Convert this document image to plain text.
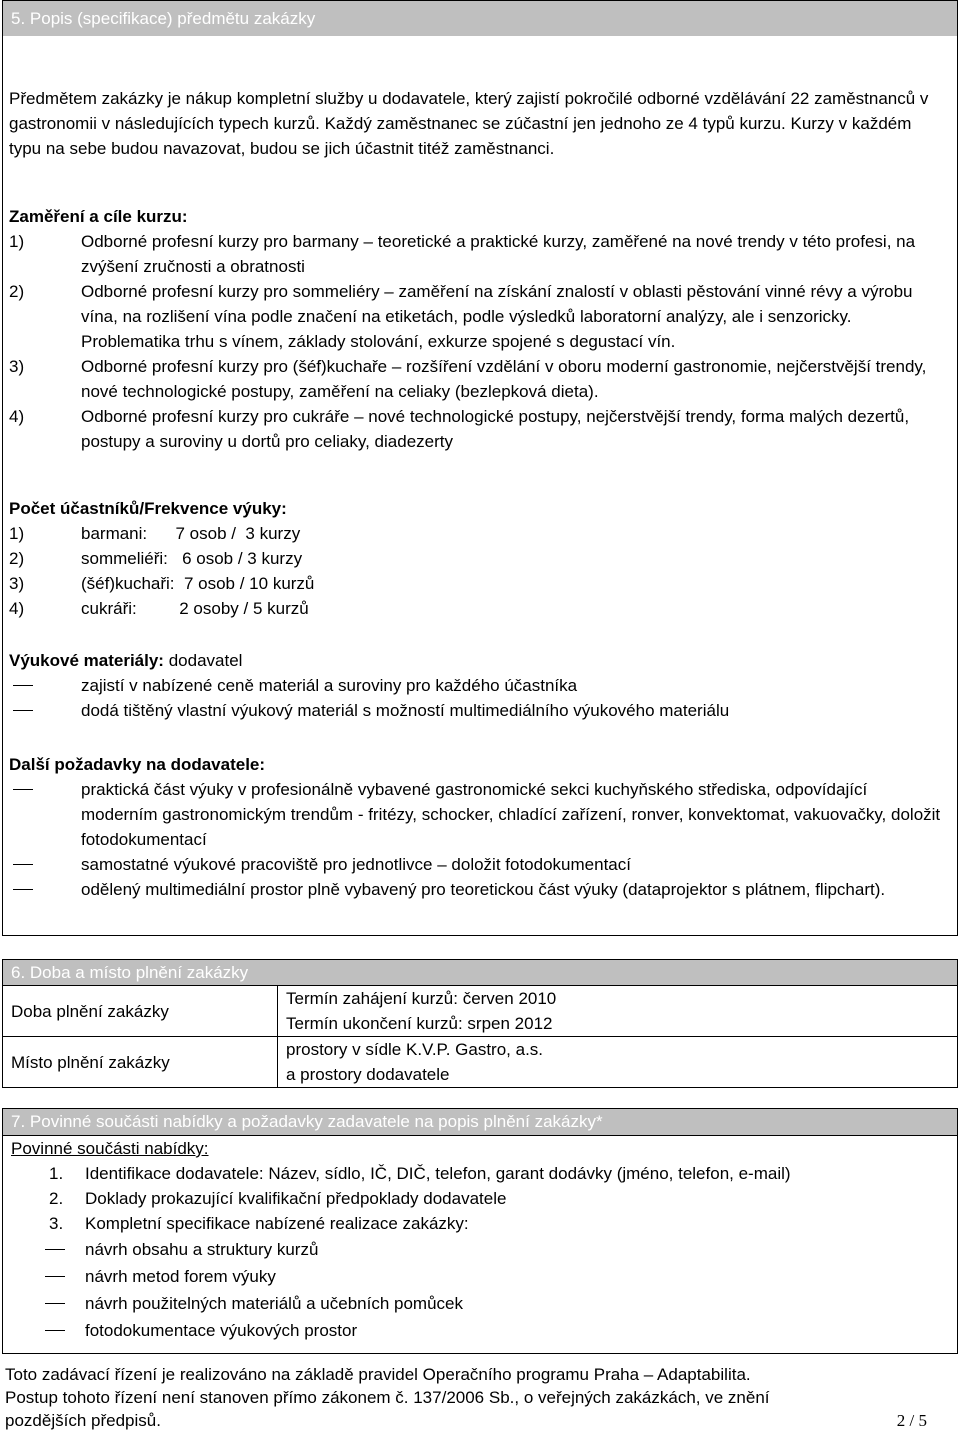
5. Popis (specifikace) předmětu zakázky
Předmětem zakázky je nákup kompletní služby u dodavatele, který zajistí pokročilé odborné vzdělávání 22 zaměstnanců v gastronomii v následujících typech kurzů. Každý zaměstnanec se zúčastní jen jednoho ze 4 typů kurzu. Kurzy v každém typu na sebe budou navazovat, budou se jich účastnit titéž zaměstnanci.
Zaměření a cíle kurzu:
1)	Odborné profesní kurzy pro barmany – teoretické a praktické kurzy, zaměřené na nové trendy v této profesi, na zvýšení zručnosti a obratnosti
2)	Odborné profesní kurzy pro sommeliéry – zaměření na získání znalostí v oblasti pěstování vinné révy a výrobu vína, na rozlišení vína podle značení na etiketách, podle výsledků laboratorní analýzy, ale i senzoricky. Problematika trhu s vínem, základy stolování, exkurze spojené s degustací vín.
3)	Odborné profesní kurzy pro (šéf)kuchaře – rozšíření vzdělání v oboru moderní gastronomie, nejčerstvější trendy, nové technologické postupy, zaměření na celiaky (bezlepková dieta).
4)	Odborné profesní kurzy pro cukráře – nové technologické postupy, nejčerstvější trendy, forma malých dezertů, postupy a suroviny u dortů pro celiaky, diadezerty
Počet účastníků/Frekvence výuky:
1)	barmani:      7 osob /  3 kurzy
2)	sommeliéři:   6 osob / 3 kurzy
3)	(šéf)kuchaři:  7 osob / 10 kurzů
4)	cukráři:         2 osoby / 5 kurzů
Výukové materiály: dodavatel
zajistí v nabízené ceně materiál a suroviny pro každého účastníka
dodá tištěný vlastní výukový materiál s možností multimediálního výukového materiálu
Další požadavky na dodavatele:
praktická část výuky v profesionálně vybavené gastronomické sekci kuchyňského střediska, odpovídající moderním gastronomickým trendům - fritézy, schocker, chladící zařízení, ronver, konvektomat, vakuovačky, doložit fotodokumentací
samostatné výukové pracoviště pro jednotlivce – doložit fotodokumentací
odělený multimediální prostor plně vybavený pro teoretickou část výuky (dataprojektor s plátnem, flipchart).
6. Doba a místo plnění zakázky	
Doba plnění zakázky	Termín zahájení kurzů: červen 2010
Termín ukončení kurzů: srpen 2012

Místo plnění zakázky	prostory v sídle K.V.P. Gastro, a.s.
a prostory dodavatele
7. Povinné součásti nabídky a požadavky zadavatele na popis plnění zakázky*
Povinné součásti nabídky:
1. Identifikace dodavatele: Název, sídlo, IČ, DIČ, telefon, garant dodávky (jméno, telefon, e-mail)
2. Doklady prokazující kvalifikační předpoklady dodavatele
3. Kompletní specifikace nabízené realizace zakázky:
návrh obsahu a struktury kurzů
návrh metod forem výuky
návrh použitelných materiálů a učebních pomůcek
fotodokumentace výukových prostor
Toto zadávací řízení je realizováno na základě pravidel Operačního programu Praha – Adaptabilita.
Postup tohoto řízení není stanoven přímo zákonem č. 137/2006 Sb., o veřejných zakázkách, ve znění
pozdějších předpisů.	2 / 5
